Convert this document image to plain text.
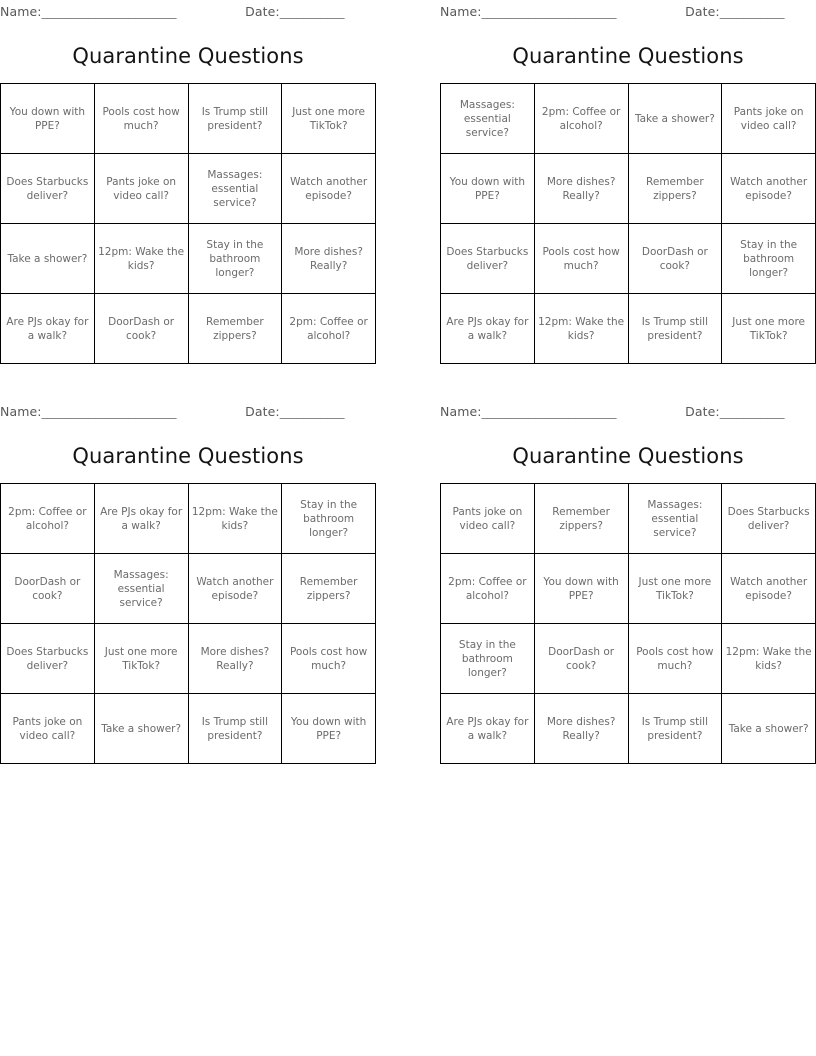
Name:_______________________	Date:___________
Quarantine Questions
You down with PPE?	Pools cost how much?	Is Trump still president?	Just one more TikTok?
Does Starbucks deliver?	Pants joke on video call?	Massages: essential service?	Watch another episode?
Take a shower?	12pm: Wake the kids?	Stay in the bathroom longer?	More dishes? Really?
Are PJs okay for a walk?	DoorDash or cook?	Remember zippers?	2pm: Coffee or alcohol?
Name:_______________________	Date:___________
Quarantine Questions
Massages: essential service?	2pm: Coffee or alcohol?	Take a shower?	Pants joke on video call?
You down with PPE?	More dishes? Really?	Remember zippers?	Watch another episode?
Does Starbucks deliver?	Pools cost how much?	DoorDash or cook?	Stay in the bathroom longer?
Are PJs okay for a walk?	12pm: Wake the kids?	Is Trump still president?	Just one more TikTok?
Name:_______________________	Date:___________
Quarantine Questions
2pm: Coffee or alcohol?	Are PJs okay for a walk?	12pm: Wake the kids?	Stay in the bathroom longer?
DoorDash or cook?	Massages: essential service?	Watch another episode?	Remember zippers?
Does Starbucks deliver?	Just one more TikTok?	More dishes? Really?	Pools cost how much?
Pants joke on video call?	Take a shower?	Is Trump still president?	You down with PPE?
Name:_______________________	Date:___________
Quarantine Questions
Pants joke on video call?	Remember zippers?	Massages: essential service?	Does Starbucks deliver?
2pm: Coffee or alcohol?	You down with PPE?	Just one more TikTok?	Watch another episode?
Stay in the bathroom longer?	DoorDash or cook?	Pools cost how much?	12pm: Wake the kids?
Are PJs okay for a walk?	More dishes? Really?	Is Trump still president?	Take a shower?
